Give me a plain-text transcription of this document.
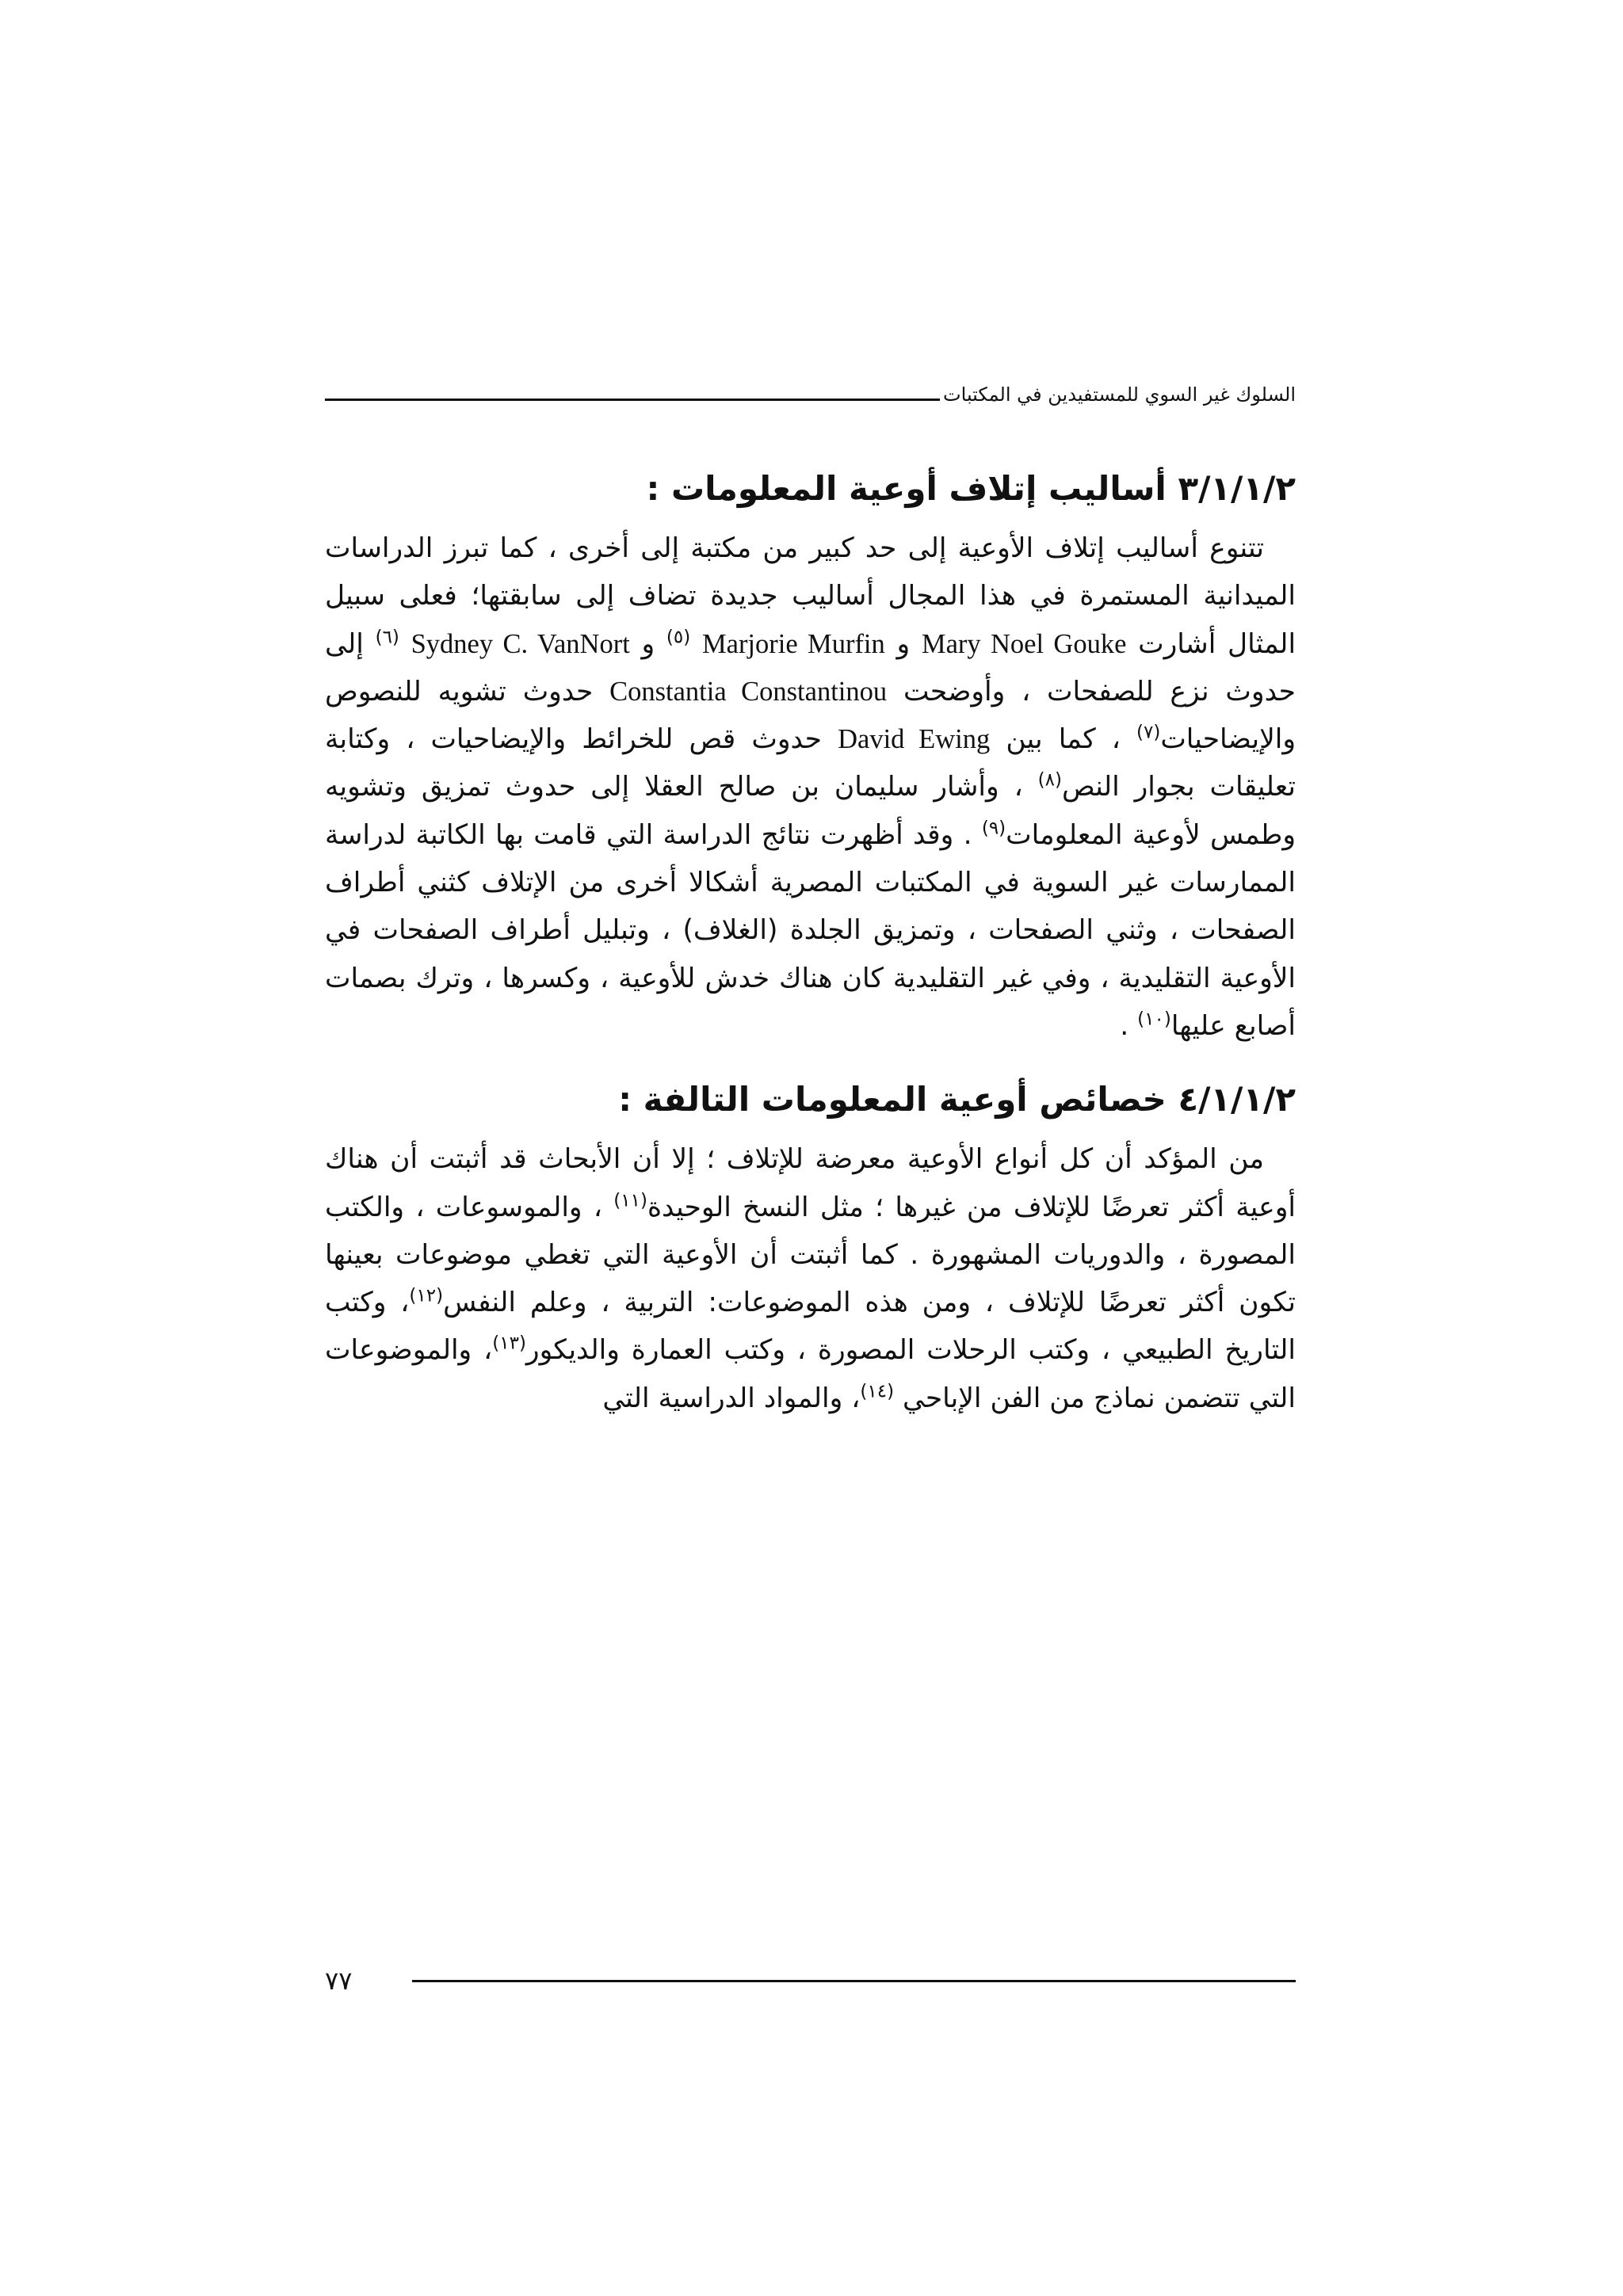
السلوك غير السوي للمستفيدين في المكتبات
٣/١/١/٢ أساليب إتلاف أوعية المعلومات :

تتنوع أساليب إتلاف الأوعية إلى حد كبير من مكتبة إلى أخرى ، كما تبرز الدراسات الميدانية المستمرة في هذا المجال أساليب جديدة تضاف إلى سابقتها؛ فعلى سبيل المثال أشارت Mary Noel Gouke و Marjorie Murfin $^{(٥)}$ و Sydney C. VanNort $^{(٦)}$ إلى حدوث نزع للصفحات ، وأوضحت Constantia Constantinou حدوث تشويه للنصوص والإيضاحيات$^{(٧)}$ ، كما بين David Ewing حدوث قص للخرائط والإيضاحيات ، وكتابة تعليقات بجوار النص$^{(٨)}$ ، وأشار سليمان بن صالح العقلا إلى حدوث تمزيق وتشويه وطمس لأوعية المعلومات$^{(٩)}$ . وقد أظهرت نتائج الدراسة التي قامت بها الكاتبة لدراسة الممارسات غير السوية في المكتبات المصرية أشكالا أخرى من الإتلاف كثني أطراف الصفحات ، وثني الصفحات ، وتمزيق الجلدة (الغلاف) ، وتبليل أطراف الصفحات في الأوعية التقليدية ، وفي غير التقليدية كان هناك خدش للأوعية ، وكسرها ، وترك بصمات أصابع عليها$^{(١٠)}$ .

٤/١/١/٢ خصائص أوعية المعلومات التالفة :

من المؤكد أن كل أنواع الأوعية معرضة للإتلاف ؛ إلا أن الأبحاث قد أثبتت أن هناك أوعية أكثر تعرضًا للإتلاف من غيرها ؛ مثل النسخ الوحيدة$^{(١١)}$ ، والموسوعات ، والكتب المصورة ، والدوريات المشهورة . كما أثبتت أن الأوعية التي تغطي موضوعات بعينها تكون أكثر تعرضًا للإتلاف ، ومن هذه الموضوعات: التربية ، وعلم النفس$^{(١٢)}$، وكتب التاريخ الطبيعي ، وكتب الرحلات المصورة ، وكتب العمارة والديكور$^{(١٣)}$، والموضوعات التي تتضمن نماذج من الفن الإباحي $^{(١٤)}$، والمواد الدراسية التي

٧٧
